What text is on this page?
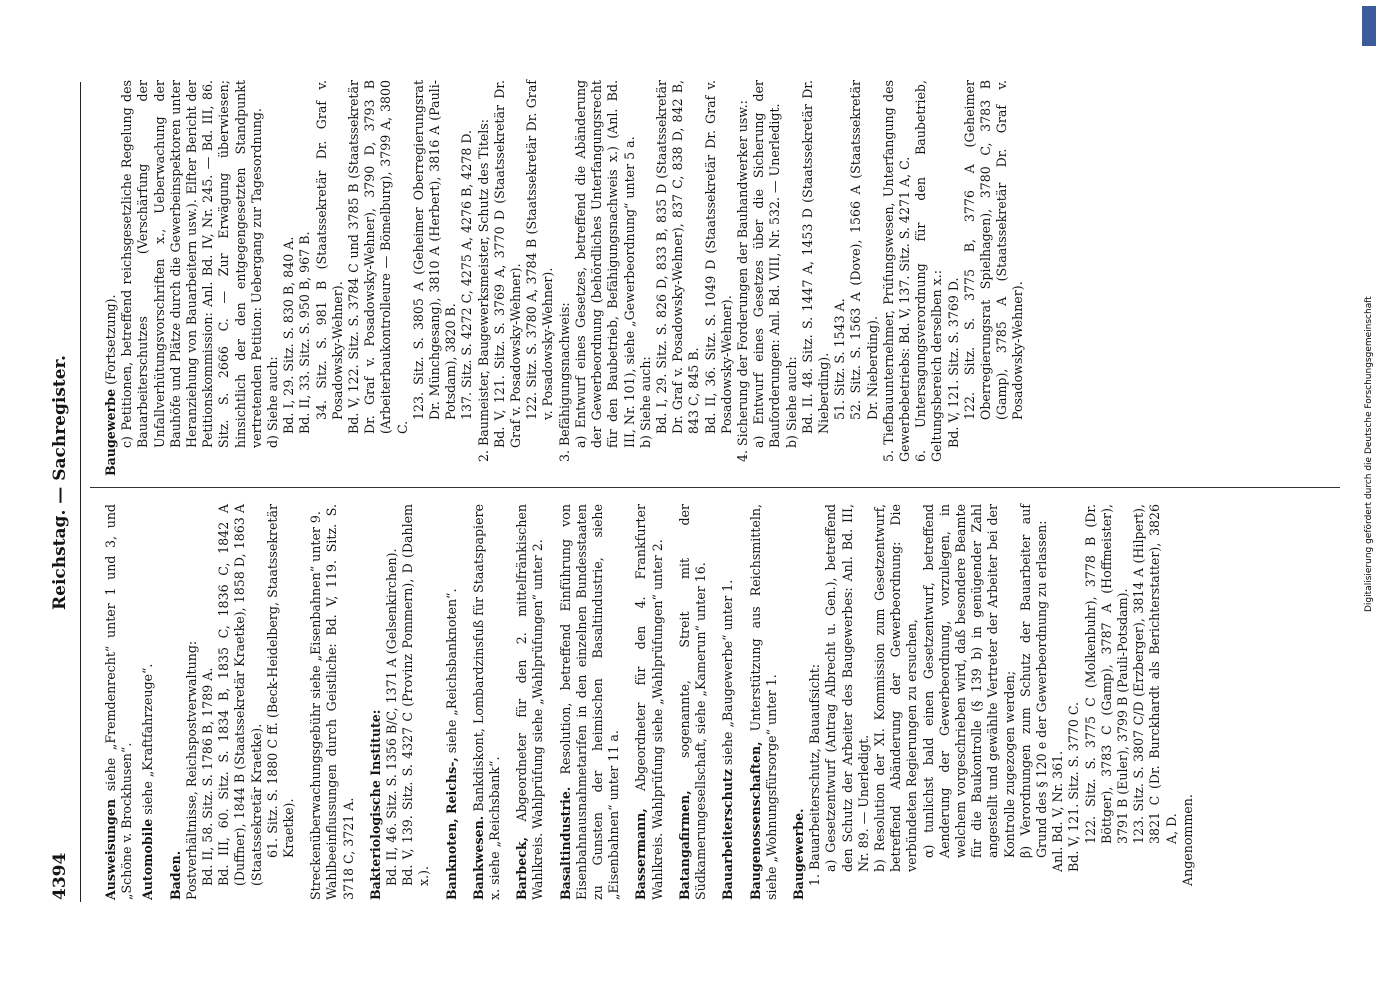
4394
Reichstag. — Sachregister.

Ausweisungen siehe „Fremdenrecht“ unter 1 und 3, und „Schöne v. Brockhusen“. Automobile siehe „Kraftfahrzeuge“.

Baden. Postverhältnisse, Reichspostverwaltung: Bd. II, 58. Sitz. S. 1786 B, 1789 A. Bd. III, 60. Sitz. S. 1834 B, 1835 C, 1836 C, 1842 A (Duffner), 1844 B (Staatssekretär Kraetke), 1858 D, 1863 A (Staatssekretär Kraetke). 61. Sitz. S. 1880 C ff. (Beck-Heidelberg, Staatssekretär Kraetke). Streckenüberwachungsgebühr siehe „Eisenbahnen“ unter 9. Wahlbeeinflussungen durch Geistliche: Bd. V, 119. Sitz. S. 3718 C, 3721 A. Bakteriologische Institute: Bd. II, 46. Sitz. S. 1356 B/C, 1371 A (Gelsenkirchen). Bd. V, 139. Sitz. S. 4327 C (Provinz Pommern), D (Dahlem x.). Banknoten, Reichs-, siehe „Reichsbanknoten“.

Bankwesen. Bankdiskont, Lombardzinsfuß für Staatspapiere x. siehe „Reichsbank“. Barbeck, Abgeordneter für den 2. mittelfränkischen Wahlkreis. Wahlprüfung siehe „Wahlprüfungen“ unter 2. Basaltindustrie. Resolution, betreffend Einführung von Eisenbahnausnahmetarifen in den einzelnen Bundesstaaten zu Gunsten der heimischen Basaltindustrie, siehe „Eisenbahnen“ unter 11 a. Bassermann, Abgeordneter für den 4. Frankfurter Wahlkreis. Wahlprüfung siehe „Wahlprüfungen“ unter 2. Batangafirmen, sogenannte, Streit mit der Südkamerungesellschaft, siehe „Kamerun“ unter 16. Bauarbeiterschutz siehe „Baugewerbe“ unter 1.

Baugenossenschaften, Unterstützung aus Reichsmitteln, siehe „Wohnungsfürsorge“ unter 1. Baugewerbe. 1. Bauarbeiterschutz, Bauaufsicht: a) Gesetzentwurf (Antrag Albrecht u. Gen.), betreffend den Schutz der Arbeiter des Baugewerbes: Anl. Bd. III, Nr. 89. — Unerledigt. b) Resolution der XI. Kommission zum Gesetzentwurf, betreffend Abänderung der Gewerbeordnung: Die verbündeten Regierungen zu ersuchen, α) tunlichst bald einen Gesetzentwurf, betreffend Aenderung der Gewerbeordnung, vorzulegen, in welchem vorgeschrieben wird, daß besondere Beamte für die Baukontrolle (§ 139 b) in genügender Zahl angestellt und gewählte Vertreter der Arbeiter bei der Kontrolle zugezogen werden; β) Verordnungen zum Schutz der Bauarbeiter auf Grund des § 120 e der Gewerbeordnung zu erlassen: Anl. Bd. V, Nr. 361. Bd. V, 121. Sitz. S. 3770 C. 122. Sitz. S. 3775 C (Molkenbuhr), 3778 B (Dr. Böttger), 3783 C (Gamp), 3787 A (Hoffmeister), 3791 B (Euler), 3799 B (Pauli-Potsdam). 123. Sitz. S. 3807 C/D (Erzberger), 3814 A (Hilpert), 3821 C (Dr. Burckhardt als Berichterstatter), 3826 A, D. Angenommen.

Baugewerbe (Fortsetzung). c) Petitionen, betreffend reichsgesetzliche Regelung des Bauarbeiterschutzes (Verschärfung der Unfallverhütungsvorschriften x., Ueberwachung der Bauhöfe und Plätze durch die Gewerbeinspektoren unter Heranziehung von Bauarbeitern usw.). Elfter Bericht der Petitionskommission: Anl. Bd. IV, Nr. 245. — Bd. III, 86. Sitz. S. 2666 C. — Zur Erwägung überwiesen; hinsichtlich der den entgegengesetzten Standpunkt vertretenden Petition: Uebergang zur Tagesordnung. d) Siehe auch: Bd. I, 29. Sitz. S. 830 B, 840 A. Bd. II, 33. Sitz. S. 950 B, 967 B. 34. Sitz. S. 981 B (Staatssekretär Dr. Graf v. Posadowsky-Wehner). Bd. V, 122. Sitz. S. 3784 C und 3785 B (Staatssekretär Dr. Graf v. Posadowsky-Wehner), 3790 D, 3793 B (Arbeiterbaukontrolleure — Bömelburg), 3799 A, 3800 C.

123. Sitz. S. 3805 A (Geheimer Oberregierungsrat Dr. Münchgesang), 3810 A (Herbert), 3816 A (Pauli-Potsdam), 3820 B. 137. Sitz. S. 4272 C, 4275 A, 4276 B, 4278 D. 2. Baumeister, Baugewerksmeister, Schutz des Titels: Bd. V, 121. Sitz. S. 3769 A, 3770 D (Staatssekretär Dr. Graf v. Posadowsky-Wehner). 122. Sitz. S. 3780 A, 3784 B (Staatssekretär Dr. Graf v. Posadowsky-Wehner). 3. Befähigungsnachweis: a) Entwurf eines Gesetzes, betreffend die Abänderung der Gewerbeordnung (behördliches Unterfangungsrecht für den Baubetrieb, Befähigungsnachweis x.) (Anl. Bd. III, Nr. 101), siehe „Gewerbeordnung“ unter 5 a. b) Siehe auch: Bd. I, 29. Sitz. S. 826 D, 833 B, 835 D (Staatssekretär Dr. Graf v. Posadowsky-Wehner), 837 C, 838 D, 842 B, 843 C, 845 B. Bd. II, 36. Sitz. S. 1049 D (Staatssekretär Dr. Graf v. Posadowsky-Wehner). 4. Sicherung der Forderungen der Bauhandwerker usw.: a) Entwurf eines Gesetzes über die Sicherung der Bauforderungen: Anl. Bd. VIII, Nr. 532. — Unerledigt. b) Siehe auch: Bd. II. 48. Sitz. S. 1447 A, 1453 D (Staatssekretär Dr. Nieberding). 51. Sitz. S. 1543 A. 52. Sitz. S. 1563 A (Dove), 1566 A (Staatssekretär Dr. Nieberding). 5. Tiefbauunternehmer, Prüfungswesen, Unterfangung des Gewerbebetriebs: Bd. V, 137. Sitz. S. 4271 A, C. 6. Untersagungsverordnung für den Baubetrieb, Geltungsbereich derselben x.: Bd. V, 121. Sitz. S. 3769 D. 122. Sitz. S. 3775 B, 3776 A (Geheimer Oberregierungsrat Spielhagen), 3780 C, 3783 B (Gamp), 3785 A (Staatssekretär Dr. Graf v. Posadowsky-Wehner).

DFG
Digitalisierung gefördert durch die Deutsche Forschungsgemeinschaft
